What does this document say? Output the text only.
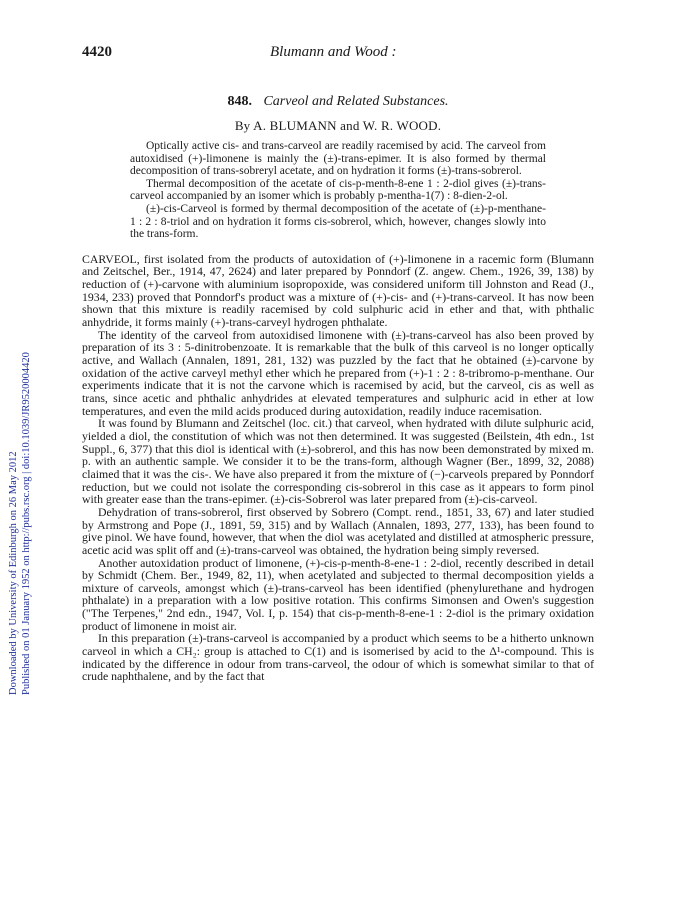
Downloaded by University of Edinburgh on 26 May 2012 Published on 01 January 1952 on http://pubs.rsc.org | doi:10.1039/JR9520004420
4420	Blumann and Wood :
848. Carveol and Related Substances.
By A. BLUMANN and W. R. WOOD.

Optically active cis- and trans-carveol are readily racemised by acid. The carveol from autoxidised (+)-limonene is mainly the (±)-trans-epimer. It is also formed by thermal decomposition of trans-sobreryl acetate, and on hydration it forms (±)-trans-sobrerol.

Thermal decomposition of the acetate of cis-p-menth-8-ene 1 : 2-diol gives (±)-trans-carveol accompanied by an isomer which is probably p-mentha-1(7) : 8-dien-2-ol.

(±)-cis-Carveol is formed by thermal decomposition of the acetate of (±)-p-menthane-1 : 2 : 8-triol and on hydration it forms cis-sobrerol, which, however, changes slowly into the trans-form.

CARVEOL, first isolated from the products of autoxidation of (+)-limonene in a racemic form (Blumann and Zeitschel, Ber., 1914, 47, 2624) and later prepared by Ponndorf (Z. angew. Chem., 1926, 39, 138) by reduction of (+)-carvone with aluminium isopropoxide, was considered uniform till Johnston and Read (J., 1934, 233) proved that Ponndorf's product was a mixture of (+)-cis- and (+)-trans-carveol. It has now been shown that this mixture is readily racemised by cold sulphuric acid in ether and that, with phthalic anhydride, it forms mainly (+)-trans-carveyl hydrogen phthalate.

The identity of the carveol from autoxidised limonene with (±)-trans-carveol has also been proved by preparation of its 3 : 5-dinitrobenzoate. It is remarkable that the bulk of this carveol is no longer optically active, and Wallach (Annalen, 1891, 281, 132) was puzzled by the fact that he obtained (±)-carvone by oxidation of the active carveyl methyl ether which he prepared from (+)-1 : 2 : 8-tribromo-p-menthane. Our experiments indicate that it is not the carvone which is racemised by acid, but the carveol, cis as well as trans, since acetic and phthalic anhydrides at elevated temperatures and sulphuric acid in ether at low temperatures, and even the mild acids produced during autoxidation, readily induce racemisation.

It was found by Blumann and Zeitschel (loc. cit.) that carveol, when hydrated with dilute sulphuric acid, yielded a diol, the constitution of which was not then determined. It was suggested (Beilstein, 4th edn., 1st Suppl., 6, 377) that this diol is identical with (±)-sobrerol, and this has now been demonstrated by mixed m. p. with an authentic sample. We consider it to be the trans-form, although Wagner (Ber., 1899, 32, 2088) claimed that it was the cis-. We have also prepared it from the mixture of (−)-carveols prepared by Ponndorf reduction, but we could not isolate the corresponding cis-sobrerol in this case as it appears to form pinol with greater ease than the trans-epimer. (±)-cis-Sobrerol was later prepared from (±)-cis-carveol.

Dehydration of trans-sobrerol, first observed by Sobrero (Compt. rend., 1851, 33, 67) and later studied by Armstrong and Pope (J., 1891, 59, 315) and by Wallach (Annalen, 1893, 277, 133), has been found to give pinol. We have found, however, that when the diol was acetylated and distilled at atmospheric pressure, acetic acid was split off and (±)-trans-carveol was obtained, the hydration being simply reversed.

Another autoxidation product of limonene, (+)-cis-p-menth-8-ene-1 : 2-diol, recently described in detail by Schmidt (Chem. Ber., 1949, 82, 11), when acetylated and subjected to thermal decomposition yields a mixture of carveols, amongst which (±)-trans-carveol has been identified (phenylurethane and hydrogen phthalate) in a preparation with a low positive rotation. This confirms Simonsen and Owen's suggestion ("The Terpenes," 2nd edn., 1947, Vol. I, p. 154) that cis-p-menth-8-ene-1 : 2-diol is the primary oxidation product of limonene in moist air.

In this preparation (±)-trans-carveol is accompanied by a product which seems to be a hitherto unknown carveol in which a CH₂: group is attached to C(1) and is isomerised by acid to the Δ¹-compound. This is indicated by the difference in odour from trans-carveol, the odour of which is somewhat similar to that of crude naphthalene, and by the fact that
